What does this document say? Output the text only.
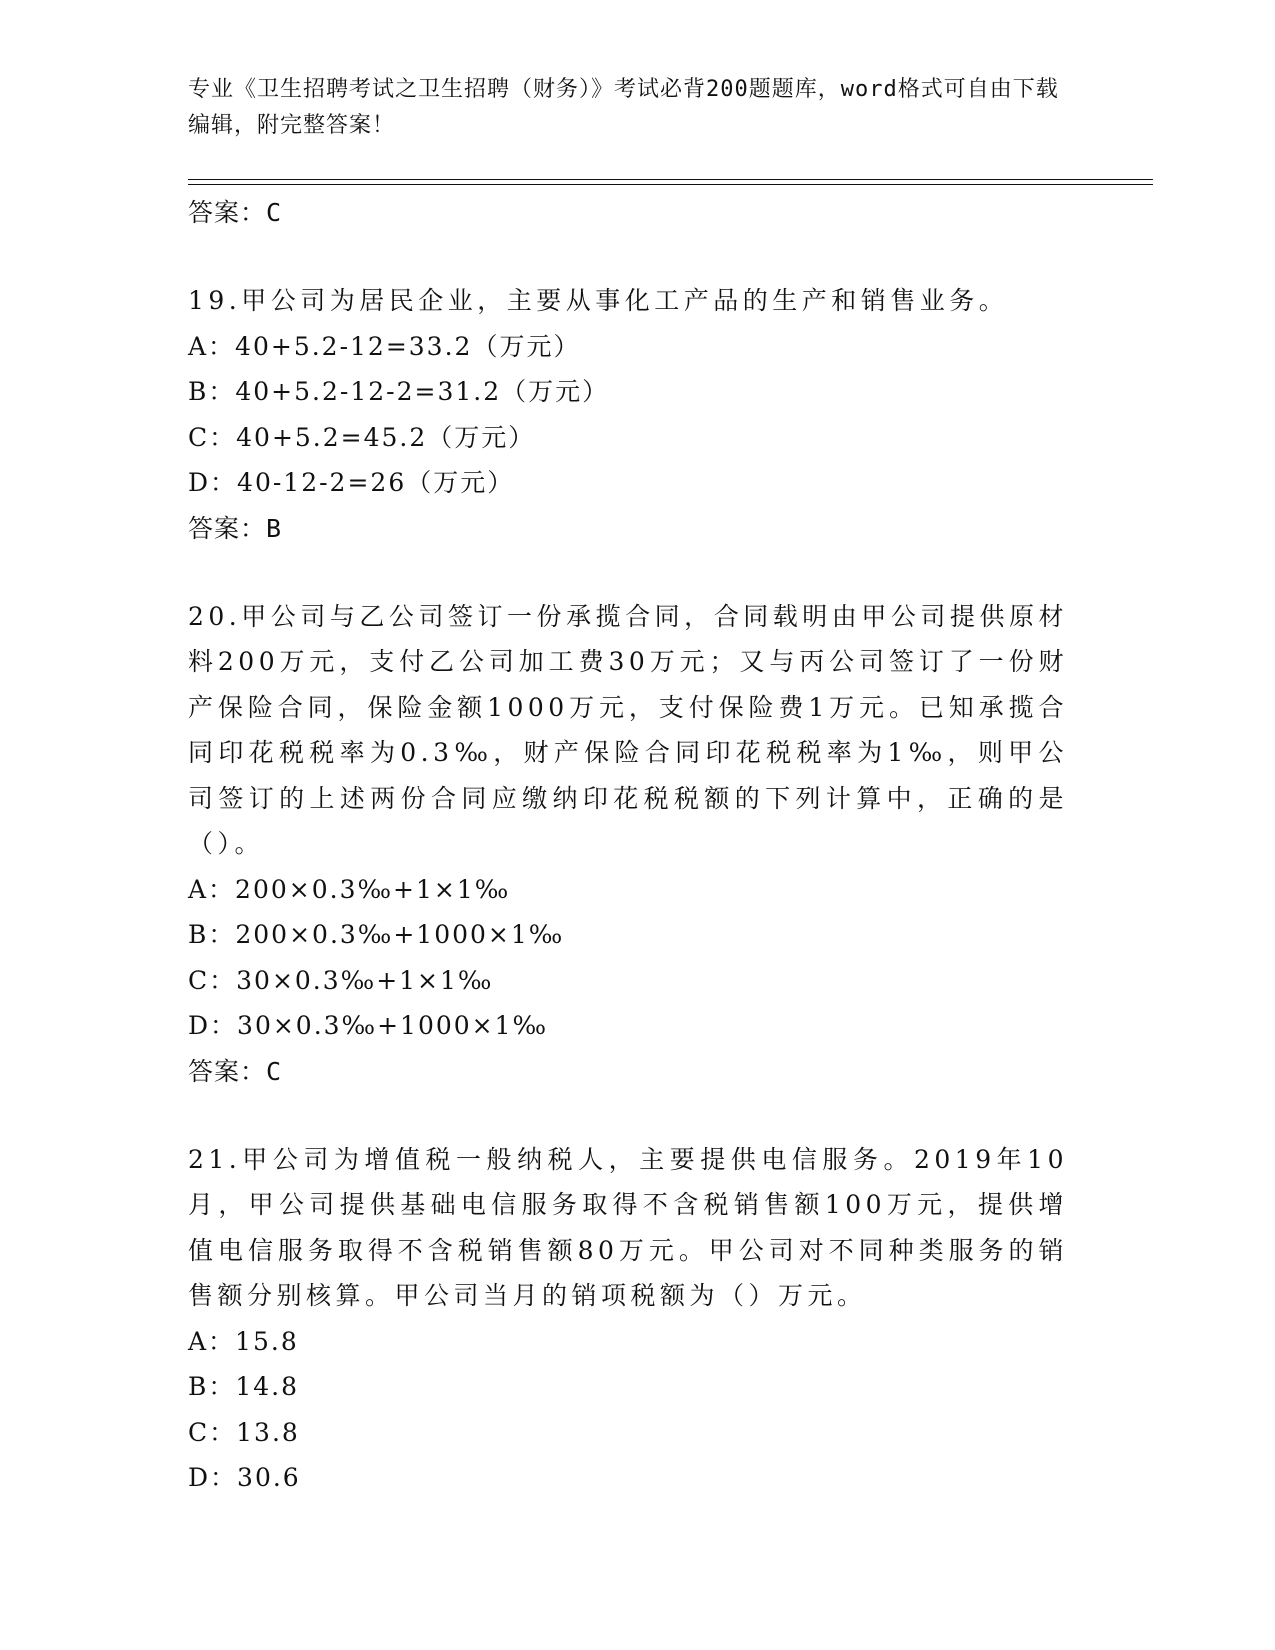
专业《卫生招聘考试之卫生招聘（财务）》考试必背200题题库，word格式可自由下载编辑，附完整答案！
答案：C
19.甲公司为居民企业，主要从事化工产品的生产和销售业务。
A：40+5.2-12=33.2（万元）
B：40+5.2-12-2=31.2（万元）
C：40+5.2=45.2（万元）
D：40-12-2=26（万元）
答案：B
20.甲公司与乙公司签订一份承揽合同，合同载明由甲公司提供原材料200万元，支付乙公司加工费30万元；又与丙公司签订了一份财产保险合同，保险金额1000万元，支付保险费1万元。已知承揽合同印花税税率为0.3‰，财产保险合同印花税税率为1‰，则甲公司签订的上述两份合同应缴纳印花税税额的下列计算中，正确的是（）。
A：200×0.3‰+1×1‰
B：200×0.3‰+1000×1‰
C：30×0.3‰+1×1‰
D：30×0.3‰+1000×1‰
答案：C
21.甲公司为增值税一般纳税人，主要提供电信服务。2019年10月，甲公司提供基础电信服务取得不含税销售额100万元，提供增值电信服务取得不含税销售额80万元。甲公司对不同种类服务的销售额分别核算。甲公司当月的销项税额为（）万元。
A：15.8
B：14.8
C：13.8
D：30.6
